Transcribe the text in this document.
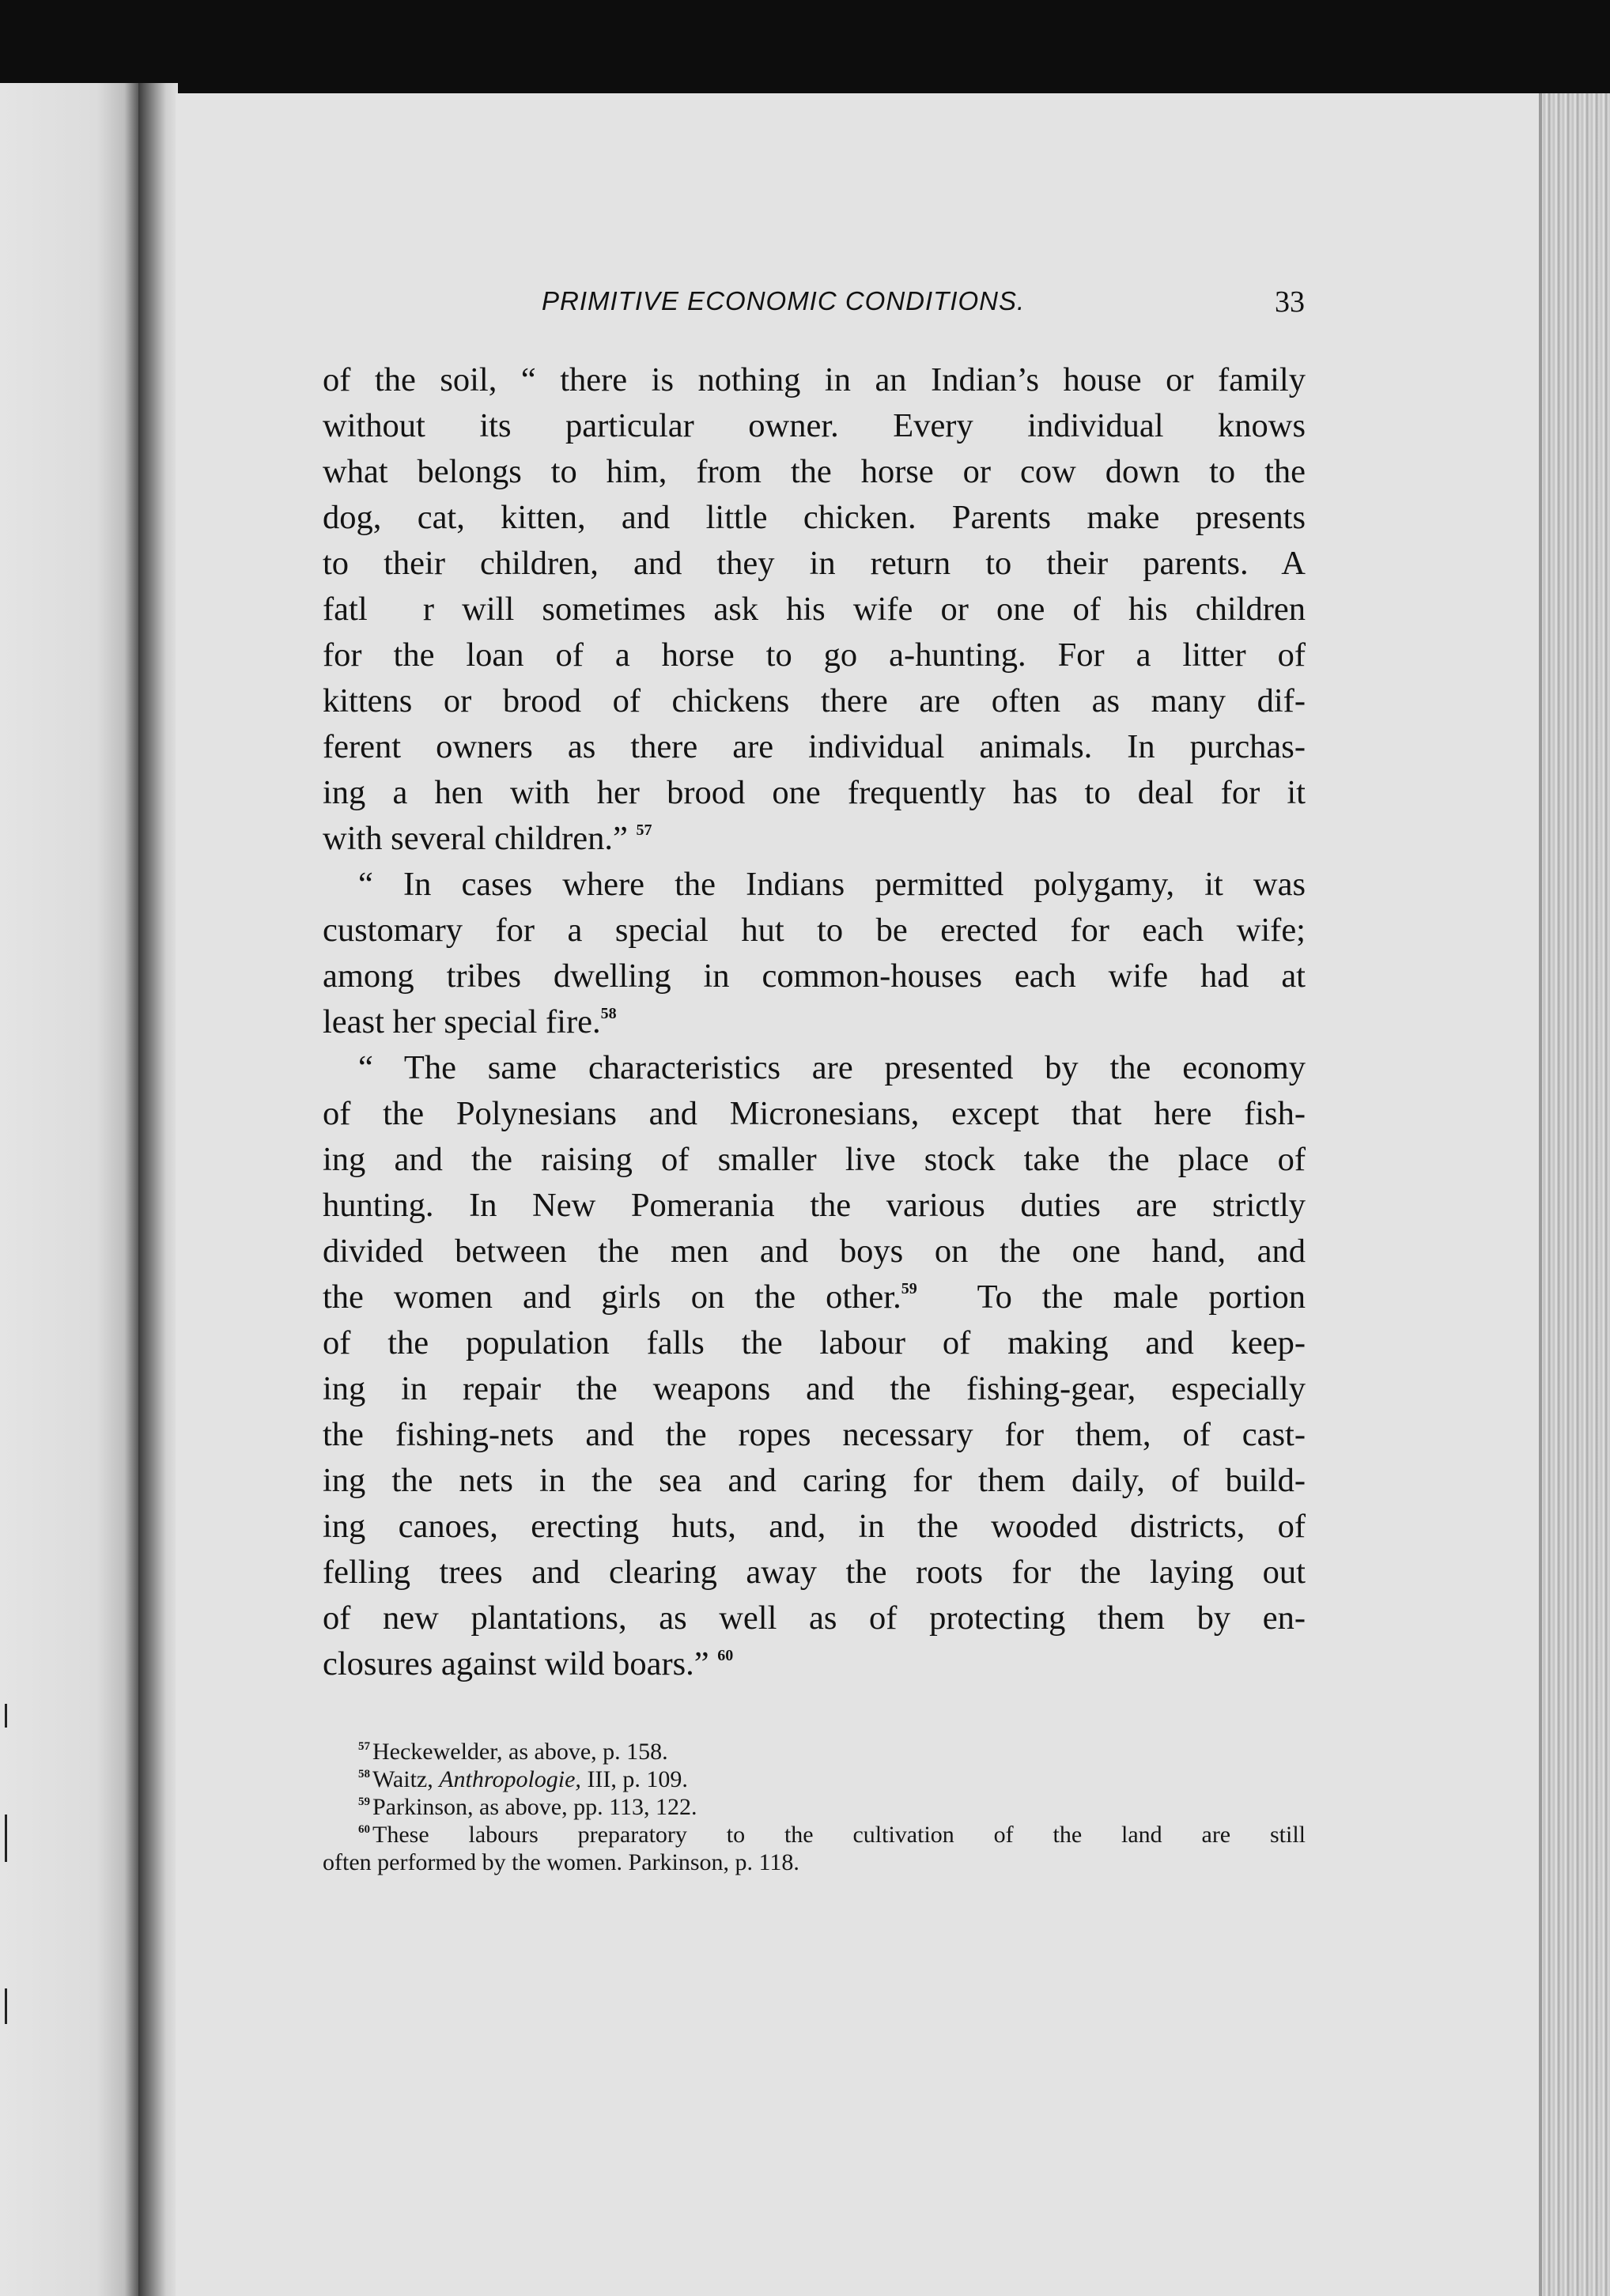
PRIMITIVE ECONOMIC CONDITIONS.	33
of the soil, “ there is nothing in an Indian’s house or family
without its particular owner. Every individual knows
what belongs to him, from the horse or cow down to the
dog, cat, kitten, and little chicken. Parents make presents
to their children, and they in return to their parents. A
fatl  r will sometimes ask his wife or one of his children
for the loan of a horse to go a-hunting. For a litter of
kittens or brood of chickens there are often as many dif-
ferent owners as there are individual animals. In purchas-
ing a hen with her brood one frequently has to deal for it
with several children.” $^{57}$
“ In cases where the Indians permitted polygamy, it was
customary for a special hut to be erected for each wife;
among tribes dwelling in common-houses each wife had at
least her special fire.$^{58}$
“ The same characteristics are presented by the economy
of the Polynesians and Micronesians, except that here fish-
ing and the raising of smaller live stock take the place of
hunting. In New Pomerania the various duties are strictly
divided between the men and boys on the one hand, and
the women and girls on the other.$^{59}$ To the male portion
of the population falls the labour of making and keep-
ing in repair the weapons and the fishing-gear, especially
the fishing-nets and the ropes necessary for them, of cast-
ing the nets in the sea and caring for them daily, of build-
ing canoes, erecting huts, and, in the wooded districts, of
felling trees and clearing away the roots for the laying out
of new plantations, as well as of protecting them by en-
closures against wild boars.” $^{60}$
$^{57}$ Heckewelder, as above, p. 158.
$^{58}$ Waitz, Anthropologie, III, p. 109.
$^{59}$ Parkinson, as above, pp. 113, 122.
$^{60}$ These labours preparatory to the cultivation of the land are still
often performed by the women. Parkinson, p. 118.
